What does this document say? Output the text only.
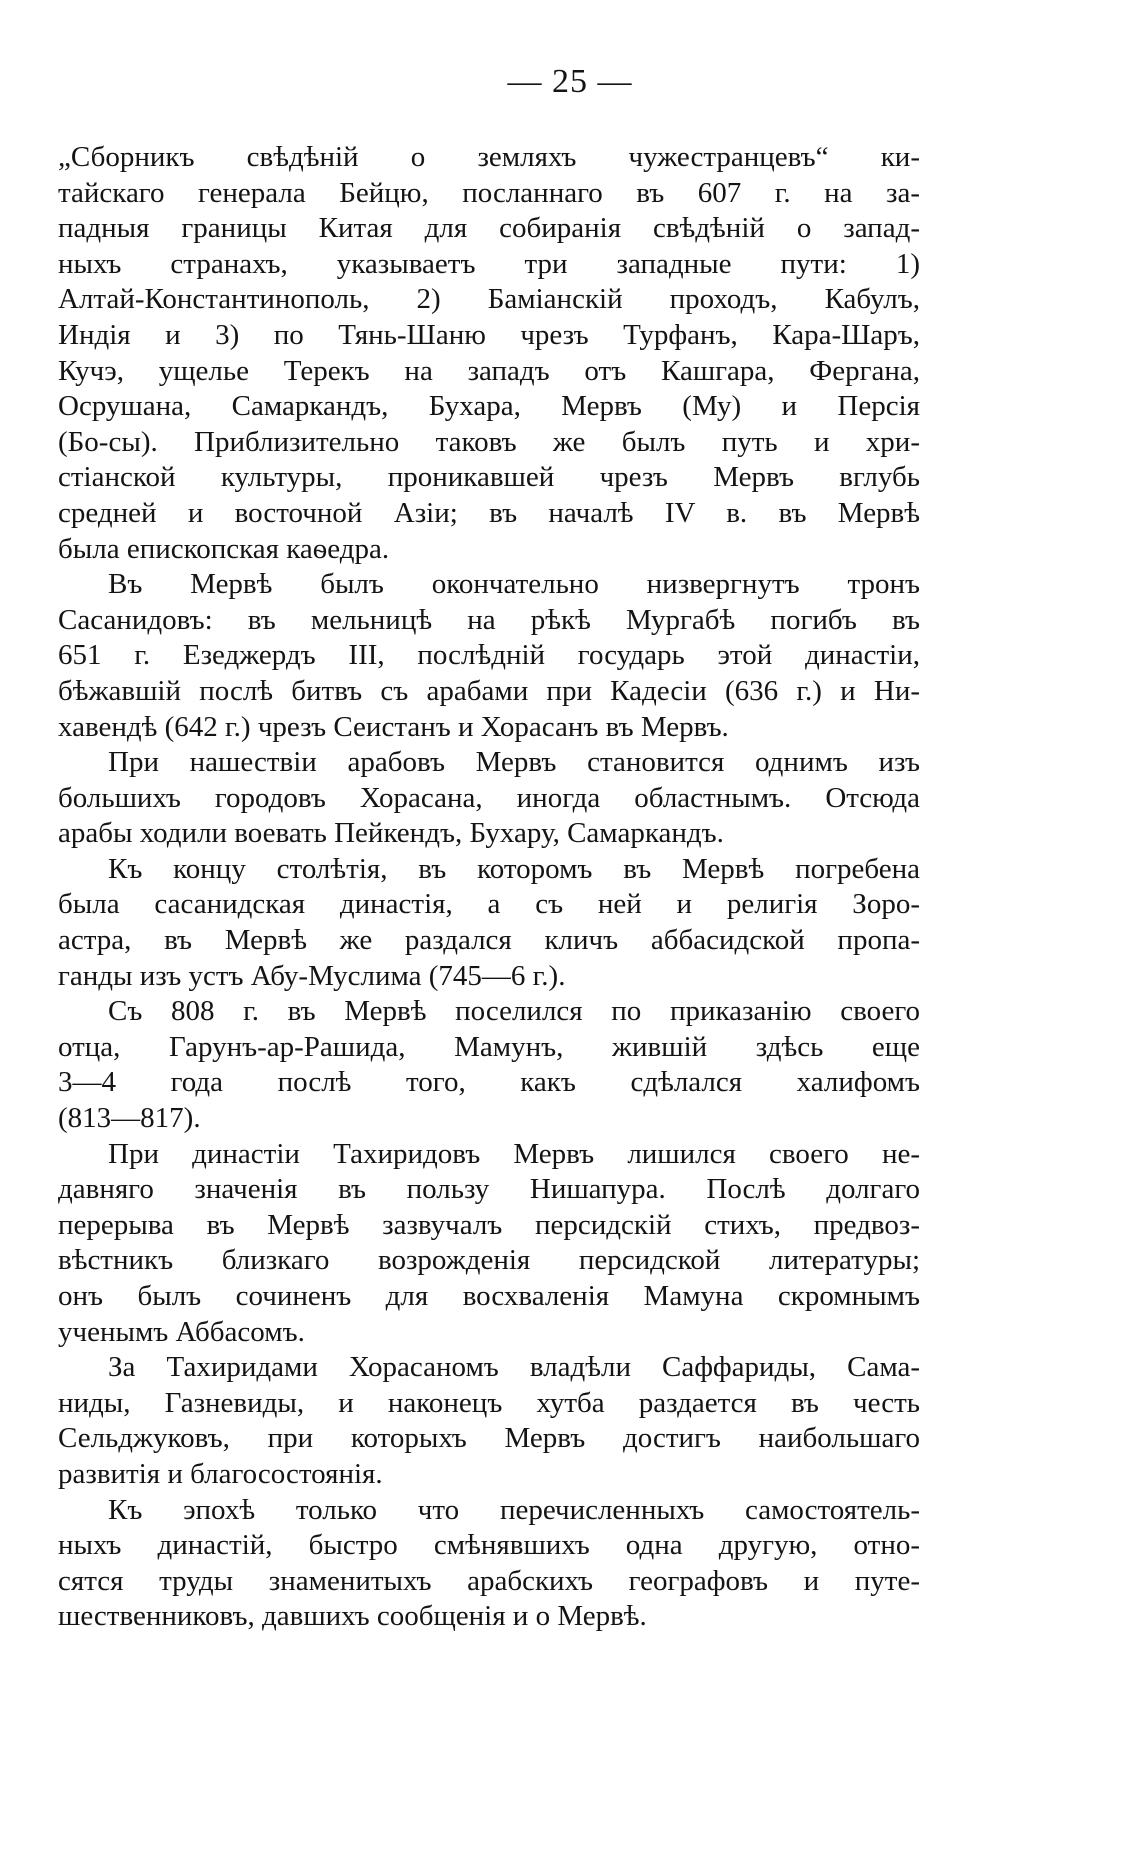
— 25 —
„Сборникъ свѣдѣній о земляхъ чужестранцевъ“ ки-
тайскаго генерала Бейцю, посланнаго въ 607 г. на за-
падныя границы Китая для собиранія свѣдѣній о запад-
ныхъ странахъ, указываетъ три западные пути: 1)
Алтай-Константинополь, 2) Баміанскій проходъ, Кабулъ,
Индія и 3) по Тянь-Шаню чрезъ Турфанъ, Кара-Шаръ,
Кучэ, ущелье Терекъ на западъ отъ Кашгара, Фергана,
Осрушана, Самаркандъ, Бухара, Мервъ (Му) и Персія
(Бо-сы). Приблизительно таковъ же былъ путь и хри-
стіанской культуры, проникавшей чрезъ Мервъ вглубь
средней и восточной Азіи; въ началѣ IV в. въ Мервѣ
была епископская каѳедра.
Въ Мервѣ былъ окончательно низвергнутъ тронъ
Сасанидовъ: въ мельницѣ на рѣкѣ Мургабѣ погибъ въ
651 г. Езеджердъ III, послѣдній государь этой династіи,
бѣжавшій послѣ битвъ съ арабами при Кадесіи (636 г.) и Ни-
хавендѣ (642 г.) чрезъ Сеистанъ и Хорасанъ въ Мервъ.
При нашествіи арабовъ Мервъ становится однимъ изъ
большихъ городовъ Хорасана, иногда областнымъ. Отсюда
арабы ходили воевать Пейкендъ, Бухару, Самаркандъ.
Къ концу столѣтія, въ которомъ въ Мервѣ погребена
была сасанидская династія, а съ ней и религія Зоро-
астра, въ Мервѣ же раздался кличъ аббасидской пропа-
ганды изъ устъ Абу-Муслима (745—6 г.).
Съ 808 г. въ Мервѣ поселился по приказанію своего
отца, Гарунъ-ар-Рашида, Мамунъ, жившій здѣсь еще
3—4 года послѣ того, какъ сдѣлался халифомъ
(813—817).
При династіи Тахиридовъ Мервъ лишился своего не-
давняго значенія въ пользу Нишапура. Послѣ долгаго
перерыва въ Мервѣ зазвучалъ персидскій стихъ, предвоз-
вѣстникъ близкаго возрожденія персидской литературы;
онъ былъ сочиненъ для восхваленія Мамуна скромнымъ
ученымъ Аббасомъ.
За Тахиридами Хорасаномъ владѣли Саффариды, Сама-
ниды, Газневиды, и наконецъ хутба раздается въ честь
Сельджуковъ, при которыхъ Мервъ достигъ наибольшаго
развитія и благосостоянія.
Къ эпохѣ только что перечисленныхъ самостоятель-
ныхъ династій, быстро смѣнявшихъ одна другую, отно-
сятся труды знаменитыхъ арабскихъ географовъ и путе-
шественниковъ, давшихъ сообщенія и о Мервѣ.
